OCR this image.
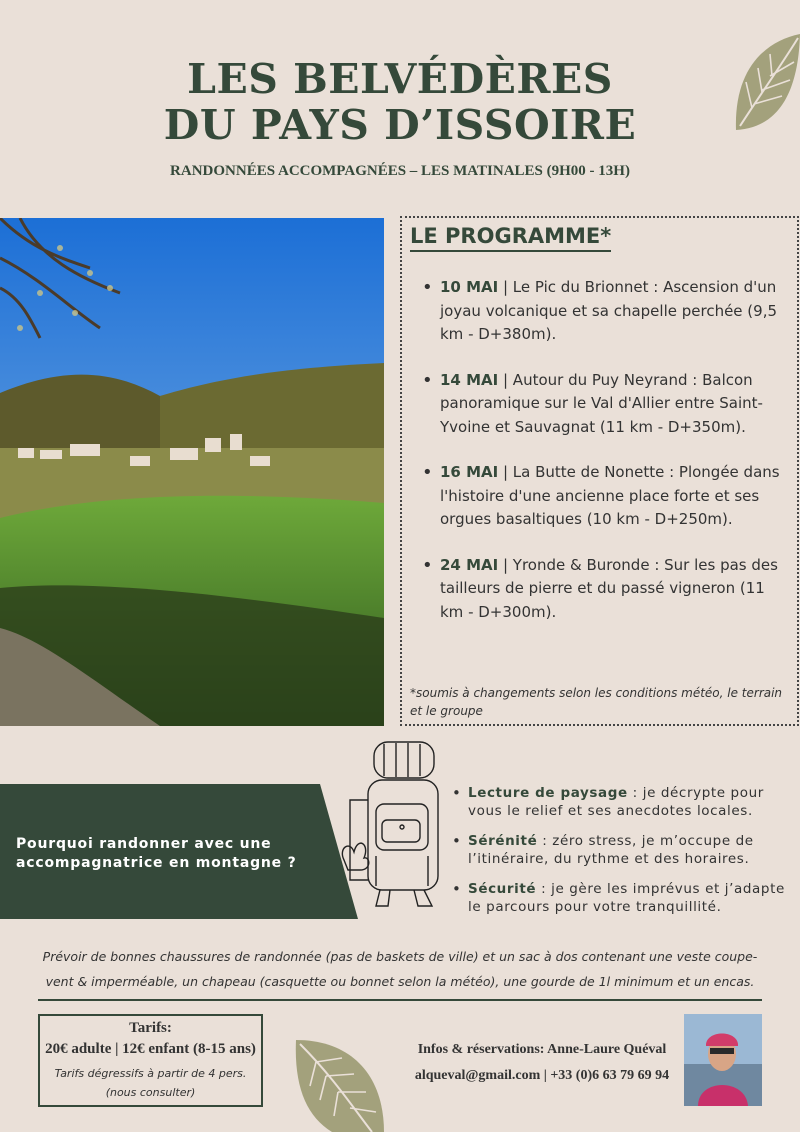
LES BELVÉDÈRES
DU PAYS D’ISSOIRE
RANDONNÉES ACCOMPAGNÉES – LES MATINALES (9H00 - 13H)
LE PROGRAMME*
• 10 MAI | Le Pic du Brionnet : Ascension d'un joyau volcanique et sa chapelle perchée (9,5 km - D+380m).
• 14 MAI | Autour du Puy Neyrand : Balcon panoramique sur le Val d'Allier entre Saint-Yvoine et Sauvagnat (11 km - D+350m).
• 16 MAI | La Butte de Nonette : Plongée dans l'histoire d'une ancienne place forte et ses orgues basaltiques (10 km - D+250m).
• 24 MAI | Yronde & Buronde : Sur les pas des tailleurs de pierre et du passé vigneron (11 km - D+300m).
*soumis à changements selon les conditions météo, le terrain et le groupe
Pourquoi randonner avec une accompagnatrice en montagne ?
• Lecture de paysage : je décrypte pour vous le relief et ses anecdotes locales.
• Sérénité : zéro stress, je m’occupe de l’itinéraire, du rythme et des horaires.
• Sécurité : je gère les imprévus et j’adapte le parcours pour votre tranquillité.
Prévoir de bonnes chaussures de randonnée (pas de baskets de ville) et un sac à dos contenant une veste coupe-vent & imperméable, un chapeau (casquette ou bonnet selon la météo), une gourde de 1l minimum et un encas.
Tarifs:
20€ adulte | 12€ enfant (8-15 ans)
Tarifs dégressifs à partir de 4 pers.
(nous consulter)
Infos & réservations: Anne-Laure Quéval
alqueval@gmail.com | +33 (0)6 63 79 69 94
